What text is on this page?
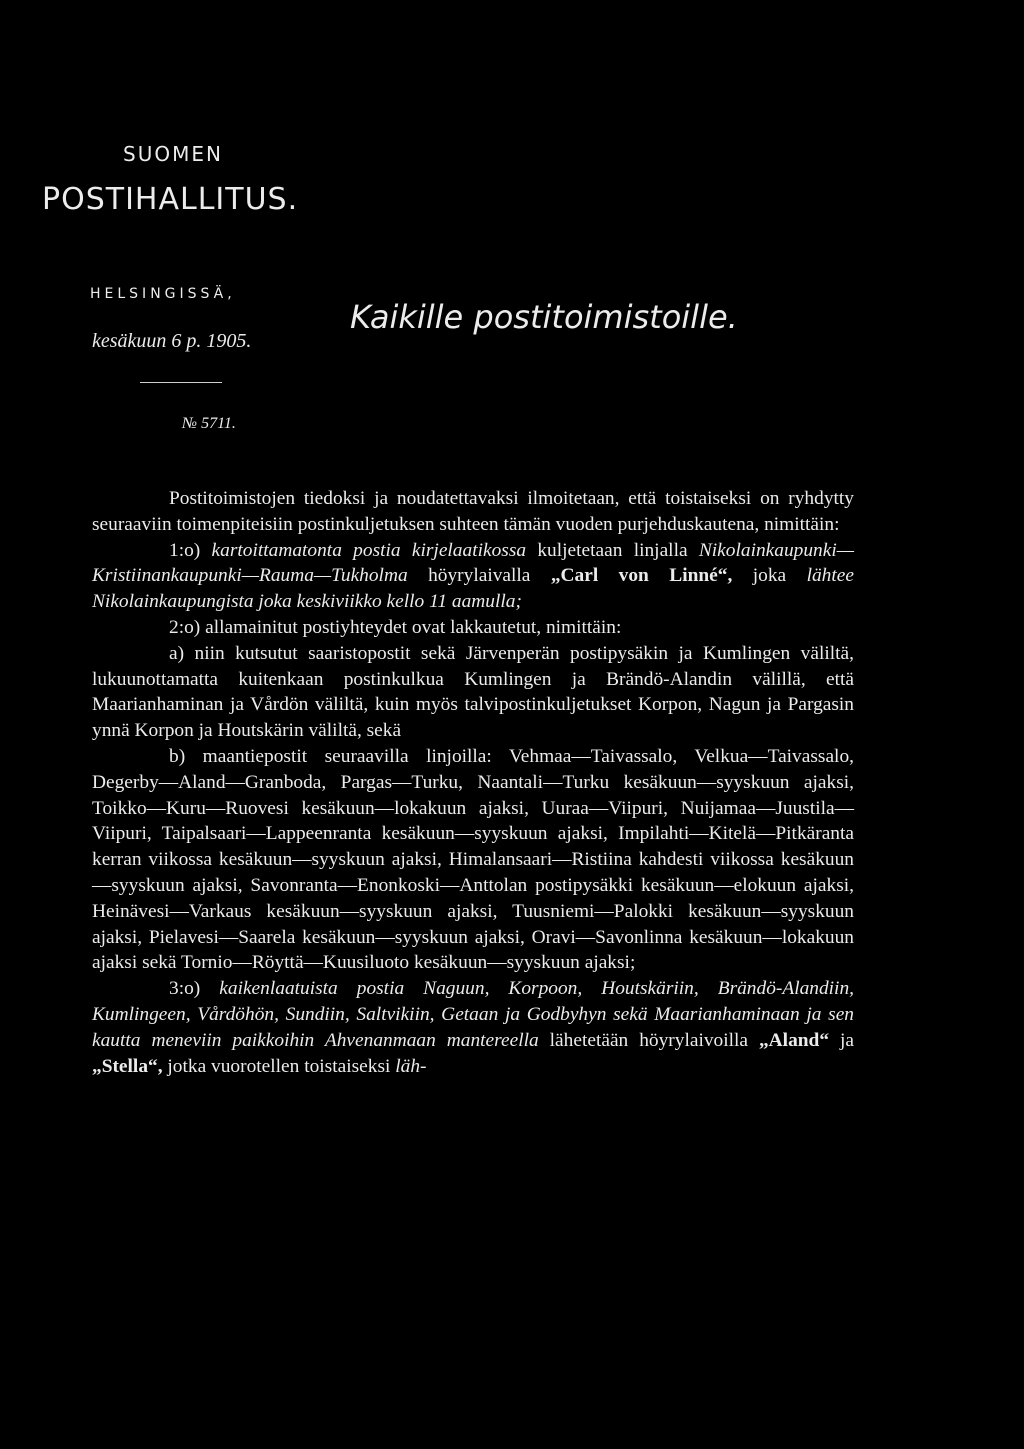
SUOMEN
POSTIHALLITUS.
HELSINGISSÄ,
kesäkuun 6 p. 1905.
Kaikille postitoimistoille.
№ 5711.

Postitoimistojen tiedoksi ja noudatettavaksi ilmoitetaan, että toistaiseksi on ryhdytty seuraaviin toimenpiteisiin postinkuljetuksen suhteen tämän vuoden purjehduskautena, nimittäin:

1:o) kartoittamatonta postia kirjelaatikossa kuljetetaan linjalla Nikolainkaupunki—Kristiinankaupunki—Rauma—Tukholma höyrylaivalla „Carl von Linné“, joka lähtee Nikolainkaupungista joka keskiviikko kello 11 aamulla;

2:o) allamainitut postiyhteydet ovat lakkautetut, nimittäin:

a) niin kutsutut saaristopostit sekä Järvenperän postipysäkin ja Kumlingen väliltä, lukuunottamatta kuitenkaan postinkulkua Kumlingen ja Brändö-Alandin välillä, että Maarianhaminan ja Vårdön väliltä, kuin myös talvipostinkuljetukset Korpon, Nagun ja Pargasin ynnä Korpon ja Houtskärin väliltä, sekä

b) maantiepostit seuraavilla linjoilla: Vehmaa—Taivassalo, Velkua—Taivassalo, Degerby—Aland—Granboda, Pargas—Turku, Naantali—Turku kesäkuun—syyskuun ajaksi, Toikko—Kuru—Ruovesi kesäkuun—lokakuun ajaksi, Uuraa—Viipuri, Nuijamaa—Juustila—Viipuri, Taipalsaari—Lappeenranta kesäkuun—syyskuun ajaksi, Impilahti—Kitelä—Pitkäranta kerran viikossa kesäkuun—syyskuun ajaksi, Himalansaari—Ristiina kahdesti viikossa kesäkuun—syyskuun ajaksi, Savonranta—Enonkoski—Anttolan postipysäkki kesäkuun—elokuun ajaksi, Heinävesi—Varkaus kesäkuun—syyskuun ajaksi, Tuusniemi—Palokki kesäkuun—syyskuun ajaksi, Pielavesi—Saarela kesäkuun—syyskuun ajaksi, Oravi—Savonlinna kesäkuun—lokakuun ajaksi sekä Tornio—Röyttä—Kuusiluoto kesäkuun—syyskuun ajaksi;

3:o) kaikenlaatuista postia Naguun, Korpoon, Houtskäriin, Brändö-Alandiin, Kumlingeen, Vårdöhön, Sundiin, Saltvikiin, Getaan ja Godbyhyn sekä Maarianhaminaan ja sen kautta meneviin paikkoihin Ahvenanmaan mantereella lähetetään höyrylaivoilla „Aland“ ja „Stella“, jotka vuorotellen toistaiseksi läh-
